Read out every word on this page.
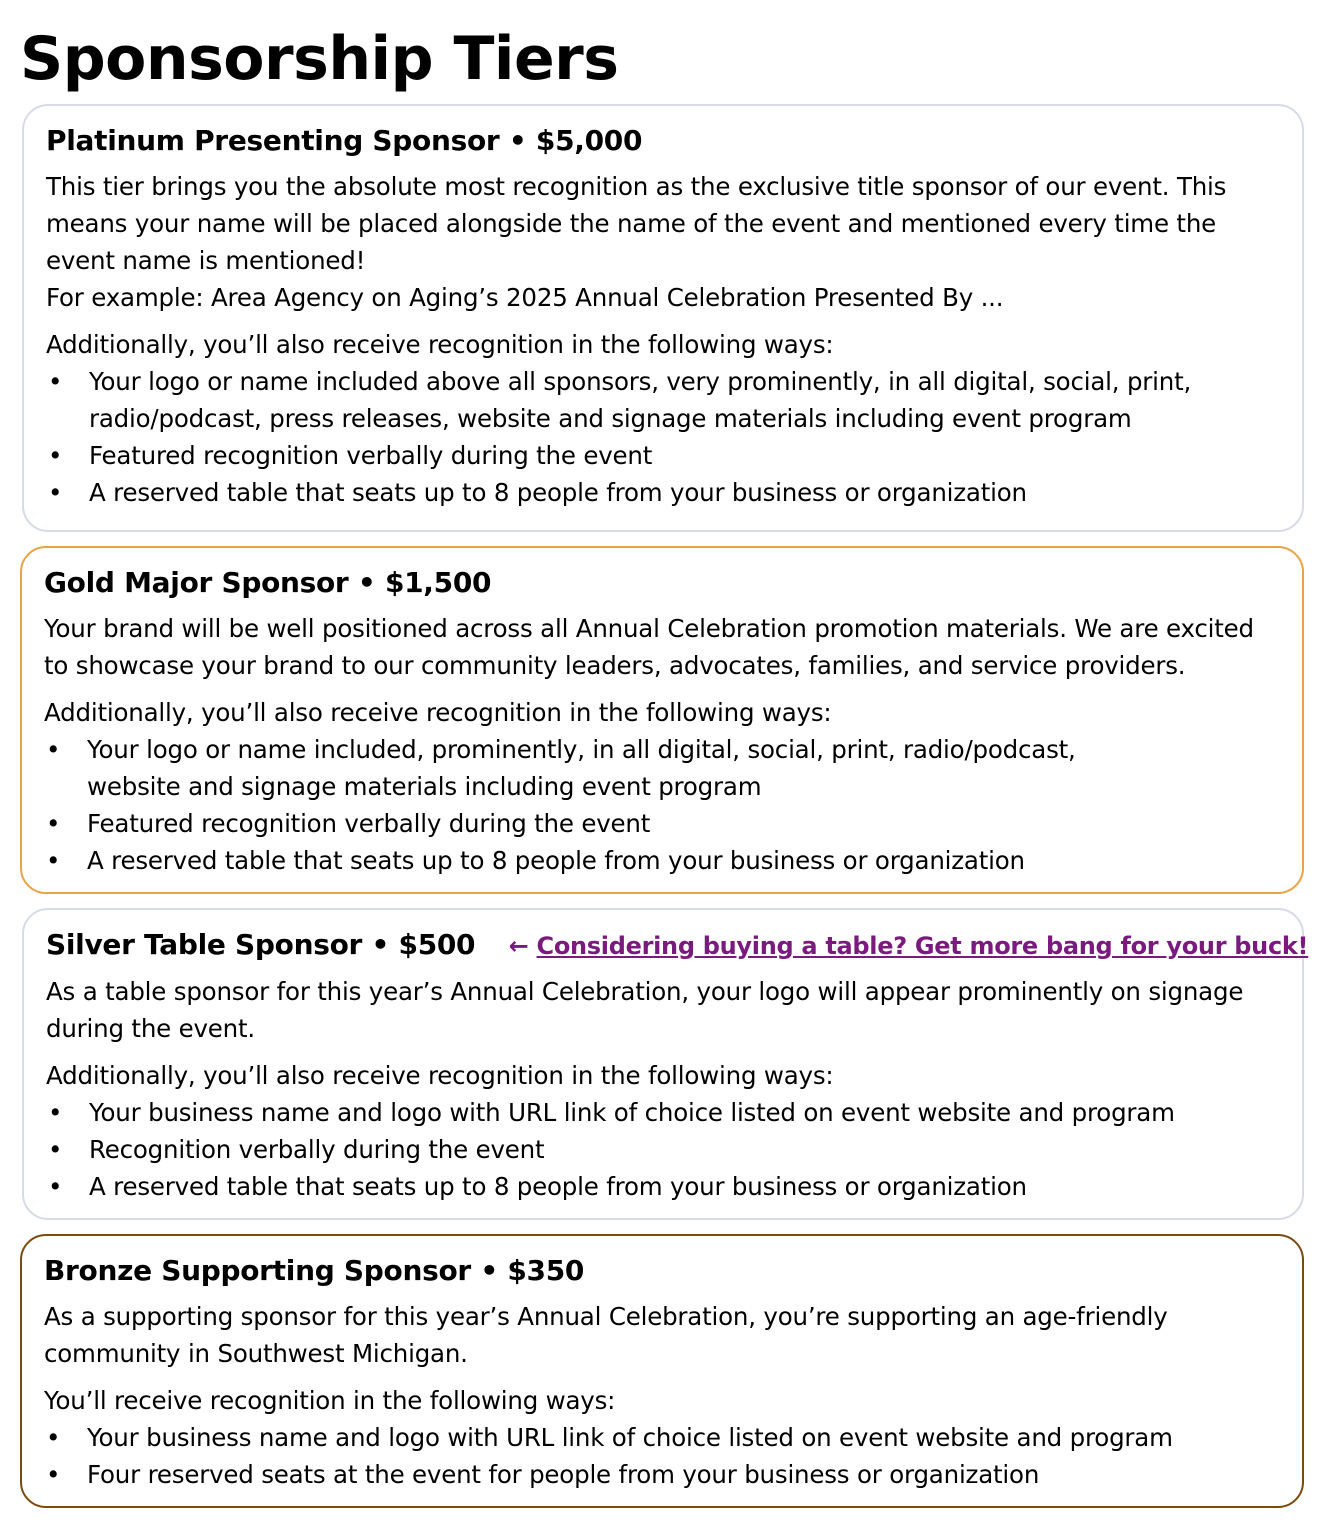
Sponsorship Tiers
Platinum Presenting Sponsor • $5,000

This tier brings you the absolute most recognition as the exclusive title sponsor of our event. This means your name will be placed alongside the name of the event and mentioned every time the event name is mentioned!

For example: Area Agency on Aging’s 2025 Annual Celebration Presented By ...

Additionally, you’ll also receive recognition in the following ways:

• Your logo or name included above all sponsors, very prominently, in all digital, social, print, radio/podcast, press releases, website and signage materials including event program
• Featured recognition verbally during the event
• A reserved table that seats up to 8 people from your business or organization
Gold Major Sponsor • $1,500

Your brand will be well positioned across all Annual Celebration promotion materials. We are excited to showcase your brand to our community leaders, advocates, families, and service providers.

Additionally, you’ll also receive recognition in the following ways:

• Your logo or name included, prominently, in all digital, social, print, radio/podcast,
website and signage materials including event program
• Featured recognition verbally during the event
• A reserved table that seats up to 8 people from your business or organization
Silver Table Sponsor • $500 ← Considering buying a table? Get more bang for your buck!

As a table sponsor for this year’s Annual Celebration, your logo will appear prominently on signage during the event.

Additionally, you’ll also receive recognition in the following ways:

• Your business name and logo with URL link of choice listed on event website and program
• Recognition verbally during the event
• A reserved table that seats up to 8 people from your business or organization
Bronze Supporting Sponsor • $350

As a supporting sponsor for this year’s Annual Celebration, you’re supporting an age-friendly community in Southwest Michigan.

You’ll receive recognition in the following ways:

• Your business name and logo with URL link of choice listed on event website and program
• Four reserved seats at the event for people from your business or organization
